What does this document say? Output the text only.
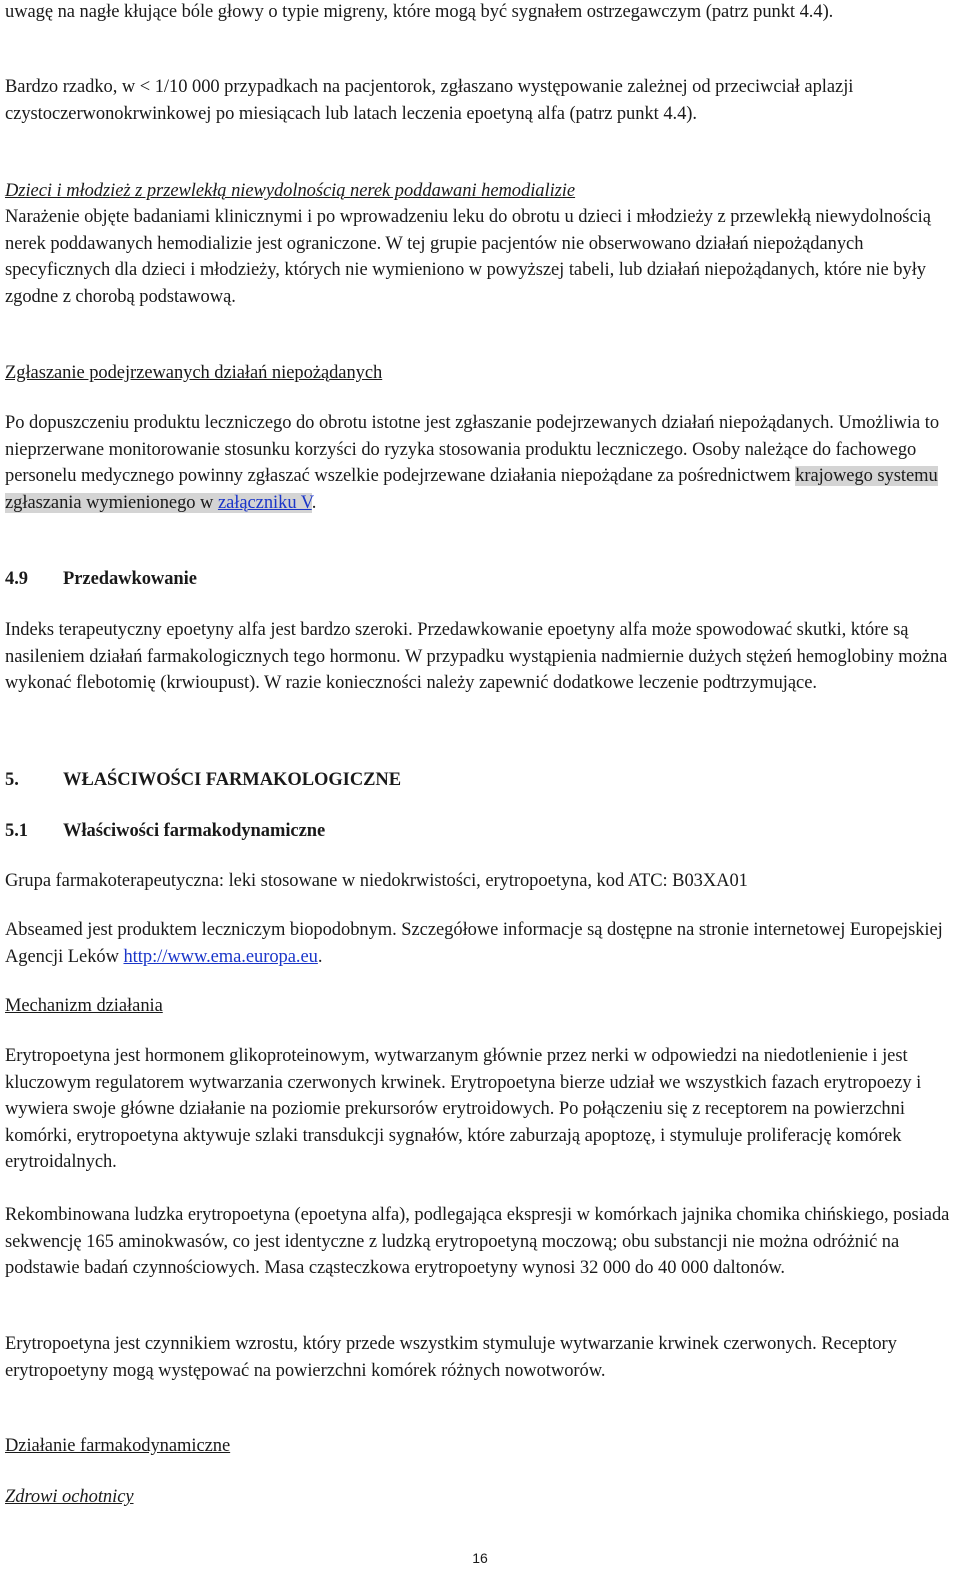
uwagę na nagłe kłujące bóle głowy o typie migreny, które mogą być sygnałem ostrzegawczym (patrz punkt 4.4).

Bardzo rzadko, w < 1/10 000 przypadkach na pacjentorok, zgłaszano występowanie zależnej od przeciwciał aplazji czystoczerwonokrwinkowej po miesiącach lub latach leczenia epoetyną alfa (patrz punkt 4.4).

Dzieci i młodzież z przewlekłą niewydolnością nerek poddawani hemodializie

Narażenie objęte badaniami klinicznymi i po wprowadzeniu leku do obrotu u dzieci i młodzieży z przewlekłą niewydolnością nerek poddawanych hemodializie jest ograniczone. W tej grupie pacjentów nie obserwowano działań niepożądanych specyficznych dla dzieci i młodzieży, których nie wymieniono w powyższej tabeli, lub działań niepożądanych, które nie były zgodne z chorobą podstawową.

Zgłaszanie podejrzewanych działań niepożądanych

Po dopuszczeniu produktu leczniczego do obrotu istotne jest zgłaszanie podejrzewanych działań niepożądanych. Umożliwia to nieprzerwane monitorowanie stosunku korzyści do ryzyka stosowania produktu leczniczego. Osoby należące do fachowego personelu medycznego powinny zgłaszać wszelkie podejrzewane działania niepożądane za pośrednictwem krajowego systemu zgłaszania wymienionego w załączniku V.

4.9 Przedawkowanie

Indeks terapeutyczny epoetyny alfa jest bardzo szeroki. Przedawkowanie epoetyny alfa może spowodować skutki, które są nasileniem działań farmakologicznych tego hormonu. W przypadku wystąpienia nadmiernie dużych stężeń hemoglobiny można wykonać flebotomię (krwioupust). W razie konieczności należy zapewnić dodatkowe leczenie podtrzymujące.

5. WŁAŚCIWOŚCI FARMAKOLOGICZNE

5.1 Właściwości farmakodynamiczne

Grupa farmakoterapeutyczna: leki stosowane w niedokrwistości, erytropoetyna, kod ATC: B03XA01

Abseamed jest produktem leczniczym biopodobnym. Szczegółowe informacje są dostępne na stronie internetowej Europejskiej Agencji Leków http://www.ema.europa.eu.

Mechanizm działania

Erytropoetyna jest hormonem glikoproteinowym, wytwarzanym głównie przez nerki w odpowiedzi na niedotlenienie i jest kluczowym regulatorem wytwarzania czerwonych krwinek. Erytropoetyna bierze udział we wszystkich fazach erytropoezy i wywiera swoje główne działanie na poziomie prekursorów erytroidowych. Po połączeniu się z receptorem na powierzchni komórki, erytropoetyna aktywuje szlaki transdukcji sygnałów, które zaburzają apoptozę, i stymuluje proliferację komórek erytroidalnych.

Rekombinowana ludzka erytropoetyna (epoetyna alfa), podlegająca ekspresji w komórkach jajnika chomika chińskiego, posiada sekwencję 165 aminokwasów, co jest identyczne z ludzką erytropoetyną moczową; obu substancji nie można odróżnić na podstawie badań czynnościowych. Masa cząsteczkowa erytropoetyny wynosi 32 000 do 40 000 daltonów.

Erytropoetyna jest czynnikiem wzrostu, który przede wszystkim stymuluje wytwarzanie krwinek czerwonych. Receptory erytropoetyny mogą występować na powierzchni komórek różnych nowotworów.

Działanie farmakodynamiczne

Zdrowi ochotnicy

16
